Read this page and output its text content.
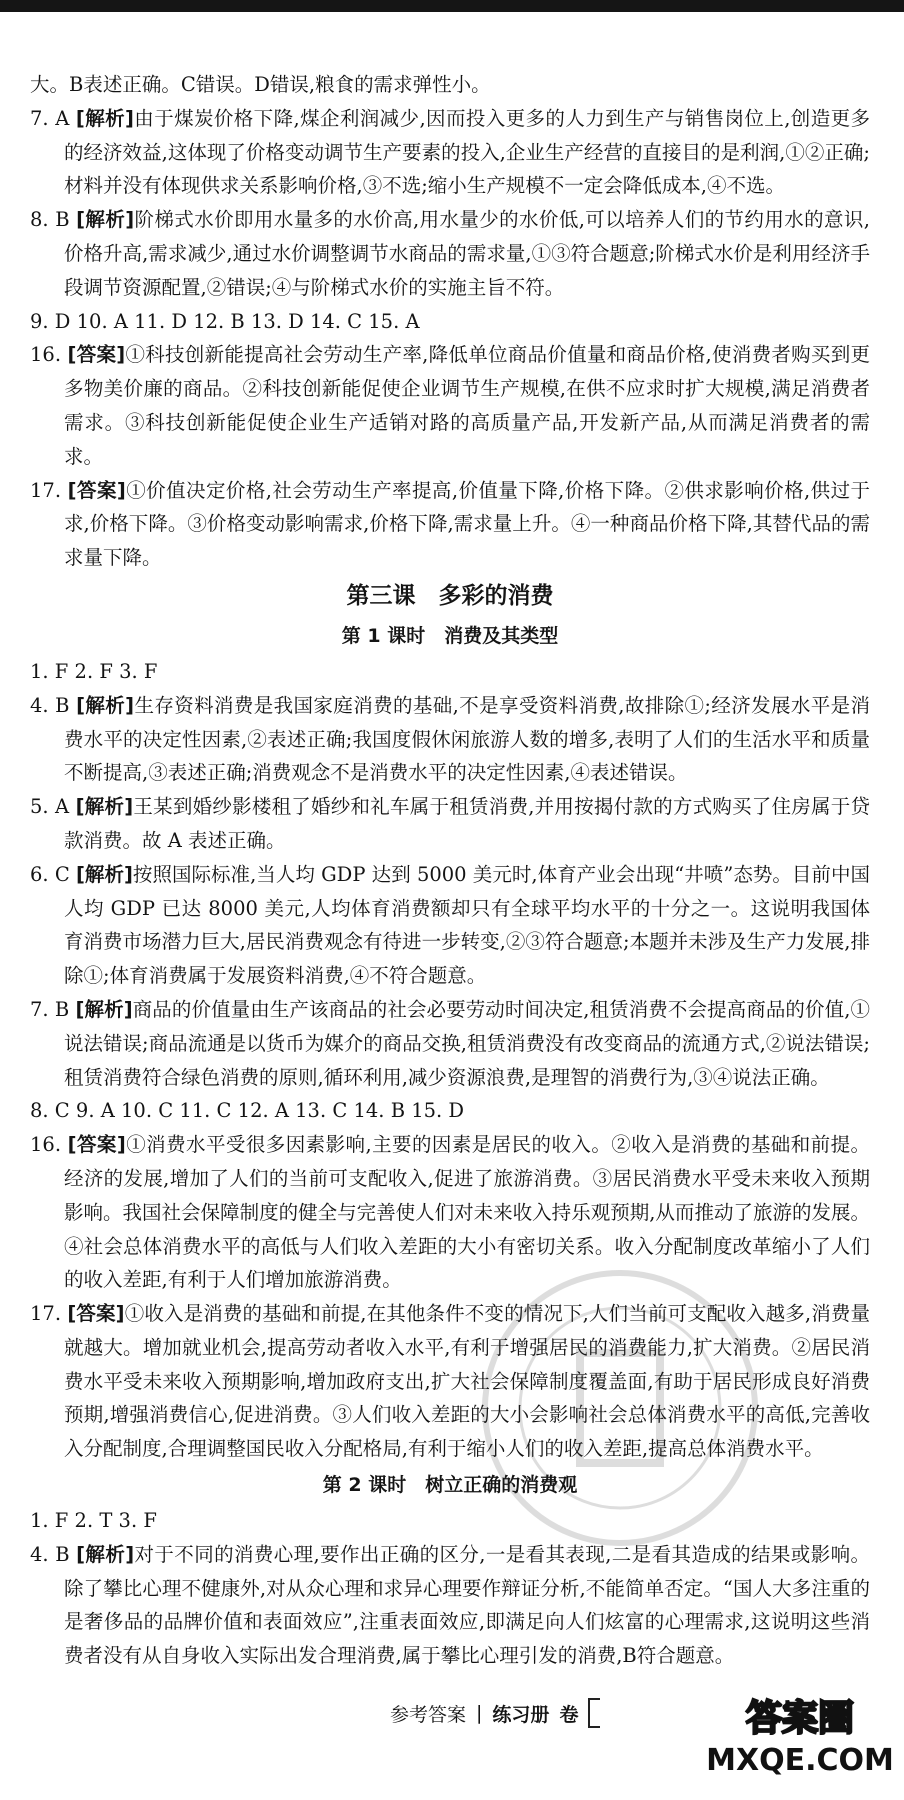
大。B表述正确。C错误。D错误,粮食的需求弹性小。

7. A [解析]由于煤炭价格下降,煤企利润减少,因而投入更多的人力到生产与销售岗位上,创造更多的经济效益,这体现了价格变动调节生产要素的投入,企业生产经营的直接目的是利润,①②正确;材料并没有体现供求关系影响价格,③不选;缩小生产规模不一定会降低成本,④不选。

8. B [解析]阶梯式水价即用水量多的水价高,用水量少的水价低,可以培养人们的节约用水的意识,价格升高,需求减少,通过水价调整调节水商品的需求量,①③符合题意;阶梯式水价是利用经济手段调节资源配置,②错误;④与阶梯式水价的实施主旨不符。

9. D 10. A 11. D 12. B 13. D 14. C 15. A

16. [答案]①科技创新能提高社会劳动生产率,降低单位商品价值量和商品价格,使消费者购买到更多物美价廉的商品。②科技创新能促使企业调节生产规模,在供不应求时扩大规模,满足消费者需求。③科技创新能促使企业生产适销对路的高质量产品,开发新产品,从而满足消费者的需求。

17. [答案]①价值决定价格,社会劳动生产率提高,价值量下降,价格下降。②供求影响价格,供过于求,价格下降。③价格变动影响需求,价格下降,需求量上升。④一种商品价格下降,其替代品的需求量下降。

第三课　多彩的消费

第 1 课时　消费及其类型

1. F 2. F 3. F

4. B [解析]生存资料消费是我国家庭消费的基础,不是享受资料消费,故排除①;经济发展水平是消费水平的决定性因素,②表述正确;我国度假休闲旅游人数的增多,表明了人们的生活水平和质量不断提高,③表述正确;消费观念不是消费水平的决定性因素,④表述错误。

5. A [解析]王某到婚纱影楼租了婚纱和礼车属于租赁消费,并用按揭付款的方式购买了住房属于贷款消费。故 A 表述正确。

6. C [解析]按照国际标准,当人均 GDP 达到 5000 美元时,体育产业会出现“井喷”态势。目前中国人均 GDP 已达 8000 美元,人均体育消费额却只有全球平均水平的十分之一。这说明我国体育消费市场潜力巨大,居民消费观念有待进一步转变,②③符合题意;本题并未涉及生产力发展,排除①;体育消费属于发展资料消费,④不符合题意。

7. B [解析]商品的价值量由生产该商品的社会必要劳动时间决定,租赁消费不会提高商品的价值,①说法错误;商品流通是以货币为媒介的商品交换,租赁消费没有改变商品的流通方式,②说法错误;租赁消费符合绿色消费的原则,循环利用,减少资源浪费,是理智的消费行为,③④说法正确。

8. C 9. A 10. C 11. C 12. A 13. C 14. B 15. D

16. [答案]①消费水平受很多因素影响,主要的因素是居民的收入。②收入是消费的基础和前提。经济的发展,增加了人们的当前可支配收入,促进了旅游消费。③居民消费水平受未来收入预期影响。我国社会保障制度的健全与完善使人们对未来收入持乐观预期,从而推动了旅游的发展。④社会总体消费水平的高低与人们收入差距的大小有密切关系。收入分配制度改革缩小了人们的收入差距,有利于人们增加旅游消费。

17. [答案]①收入是消费的基础和前提,在其他条件不变的情况下,人们当前可支配收入越多,消费量就越大。增加就业机会,提高劳动者收入水平,有利于增强居民的消费能力,扩大消费。②居民消费水平受未来收入预期影响,增加政府支出,扩大社会保障制度覆盖面,有助于居民形成良好消费预期,增强消费信心,促进消费。③人们收入差距的大小会影响社会总体消费水平的高低,完善收入分配制度,合理调整国民收入分配格局,有利于缩小人们的收入差距,提高总体消费水平。

第 2 课时　树立正确的消费观

1. F 2. T 3. F

4. B [解析]对于不同的消费心理,要作出正确的区分,一是看其表现,二是看其造成的结果或影响。除了攀比心理不健康外,对从众心理和求异心理要作辩证分析,不能简单否定。“国人大多注重的是奢侈品的品牌价值和表面效应”,注重表面效应,即满足向人们炫富的心理需求,这说明这些消费者没有从自身收入实际出发合理消费,属于攀比心理引发的消费,B符合题意。

参考答案 | 练习册 卷	答案圈
MXQE.COM
